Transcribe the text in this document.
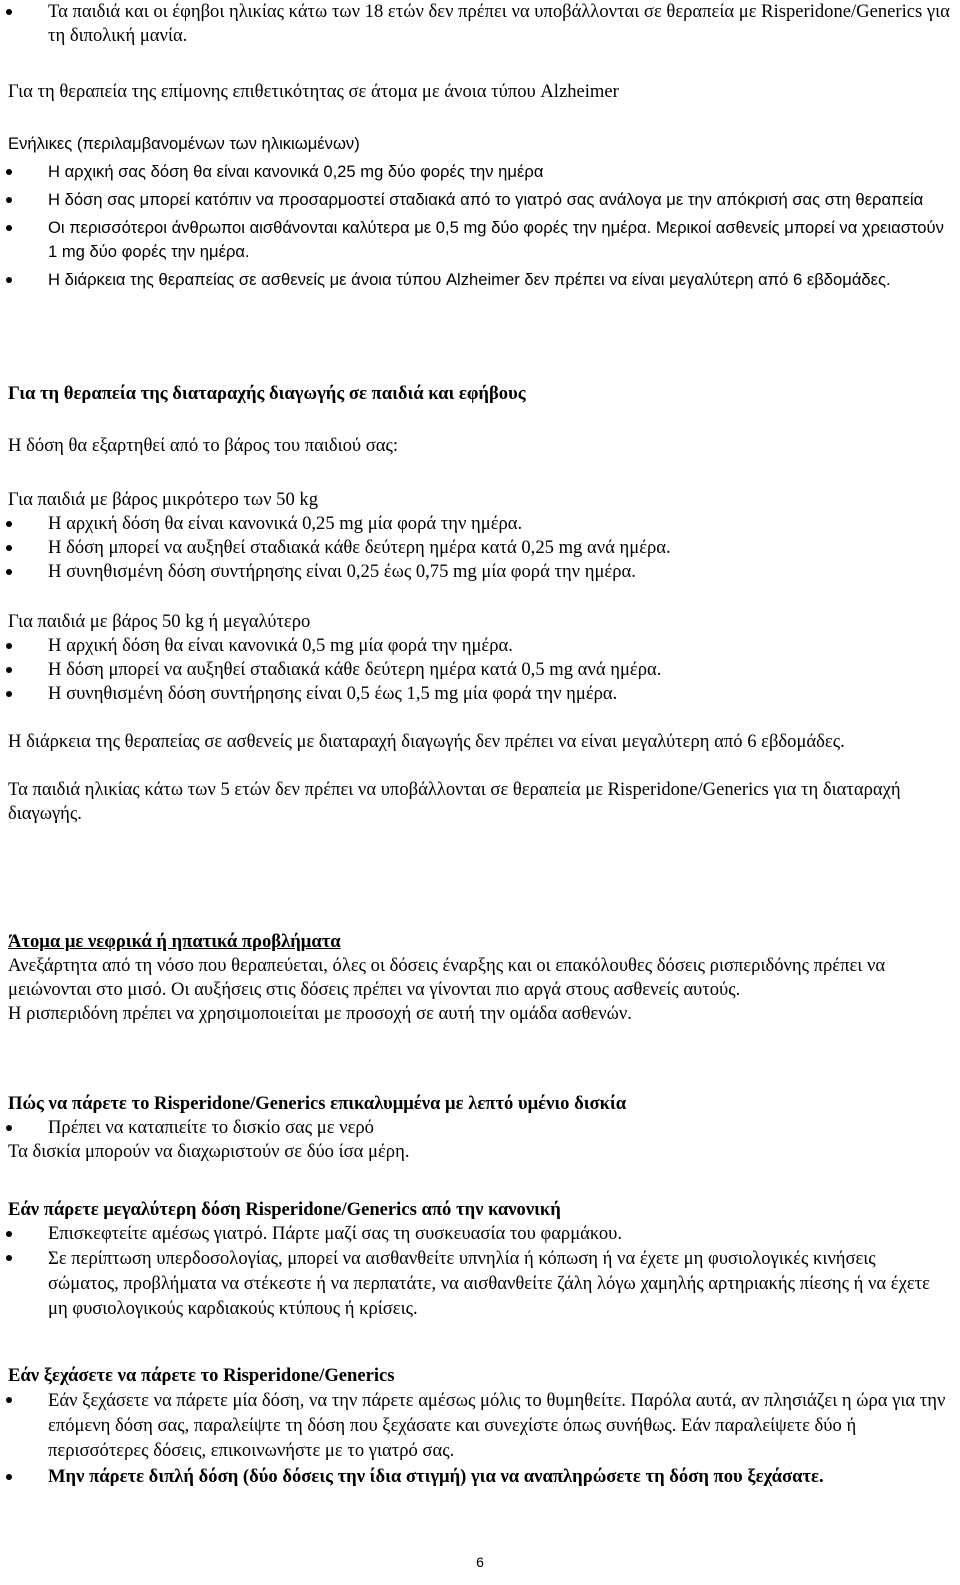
Τα παιδιά και οι έφηβοι ηλικίας κάτω των 18 ετών δεν πρέπει να υποβάλλονται σε θεραπεία με Risperidone/Generics για τη διπολική μανία.

Για τη θεραπεία της επίμονης επιθετικότητας σε άτομα με άνοια τύπου Alzheimer

Ενήλικες (περιλαμβανομένων των ηλικιωμένων)

Η αρχική σας δόση θα είναι κανονικά 0,25 mg δύο φορές την ημέρα
Η δόση σας μπορεί κατόπιν να προσαρμοστεί σταδιακά από το γιατρό σας ανάλογα με την απόκρισή σας στη θεραπεία
Οι περισσότεροι άνθρωποι αισθάνονται καλύτερα με 0,5 mg δύο φορές την ημέρα. Μερικοί ασθενείς μπορεί να χρειαστούν 1 mg δύο φορές την ημέρα.
Η διάρκεια της θεραπείας σε ασθενείς με άνοια τύπου Alzheimer δεν πρέπει να είναι μεγαλύτερη από 6 εβδομάδες.

Για τη θεραπεία της διαταραχής διαγωγής σε παιδιά και εφήβους

Η δόση θα εξαρτηθεί από το βάρος του παιδιού σας:

Για παιδιά με βάρος μικρότερο των 50 kg

Η αρχική δόση θα είναι κανονικά 0,25 mg μία φορά την ημέρα.
Η δόση μπορεί να αυξηθεί σταδιακά κάθε δεύτερη ημέρα κατά 0,25 mg ανά ημέρα.
Η συνηθισμένη δόση συντήρησης είναι 0,25 έως 0,75 mg μία φορά την ημέρα.

Για παιδιά με βάρος 50 kg ή μεγαλύτερο

Η αρχική δόση θα είναι κανονικά 0,5 mg μία φορά την ημέρα.
Η δόση μπορεί να αυξηθεί σταδιακά κάθε δεύτερη ημέρα κατά 0,5 mg ανά ημέρα.
Η συνηθισμένη δόση συντήρησης είναι 0,5 έως 1,5 mg μία φορά την ημέρα.

Η διάρκεια της θεραπείας σε ασθενείς με διαταραχή διαγωγής δεν πρέπει να είναι μεγαλύτερη από 6 εβδομάδες.

Τα παιδιά ηλικίας κάτω των 5 ετών δεν πρέπει να υποβάλλονται σε θεραπεία με Risperidone/Generics για τη διαταραχή διαγωγής.

Άτομα με νεφρικά ή ηπατικά προβλήματα

Ανεξάρτητα από τη νόσο που θεραπεύεται, όλες οι δόσεις έναρξης και οι επακόλουθες δόσεις ρισπεριδόνης πρέπει να μειώνονται στο μισό. Οι αυξήσεις στις δόσεις πρέπει να γίνονται πιο αργά στους ασθενείς αυτούς.

Η ρισπεριδόνη πρέπει να χρησιμοποιείται με προσοχή σε αυτή την ομάδα ασθενών.

Πώς να πάρετε το Risperidone/Generics επικαλυμμένα με λεπτό υμένιο δισκία

Πρέπει να καταπιείτε το δισκίο σας με νερό

Τα δισκία μπορούν να διαχωριστούν σε δύο ίσα μέρη.

Εάν πάρετε μεγαλύτερη δόση Risperidone/Generics από την κανονική

Επισκεφτείτε αμέσως γιατρό. Πάρτε μαζί σας τη συσκευασία του φαρμάκου.
Σε περίπτωση υπερδοσολογίας, μπορεί να αισθανθείτε υπνηλία ή κόπωση ή να έχετε μη φυσιολογικές κινήσεις σώματος, προβλήματα να στέκεστε ή να περπατάτε, να αισθανθείτε ζάλη λόγω χαμηλής αρτηριακής πίεσης ή να έχετε μη φυσιολογικούς καρδιακούς κτύπους ή κρίσεις.

Εάν ξεχάσετε να πάρετε το Risperidone/Generics

Εάν ξεχάσετε να πάρετε μία δόση, να την πάρετε αμέσως μόλις το θυμηθείτε. Παρόλα αυτά, αν πλησιάζει η ώρα για την επόμενη δόση σας, παραλείψτε τη δόση που ξεχάσατε και συνεχίστε όπως συνήθως. Εάν παραλείψετε δύο ή περισσότερες δόσεις, επικοινωνήστε με το γιατρό σας.
Μην πάρετε διπλή δόση (δύο δόσεις την ίδια στιγμή) για να αναπληρώσετε τη δόση που ξεχάσατε.
6
